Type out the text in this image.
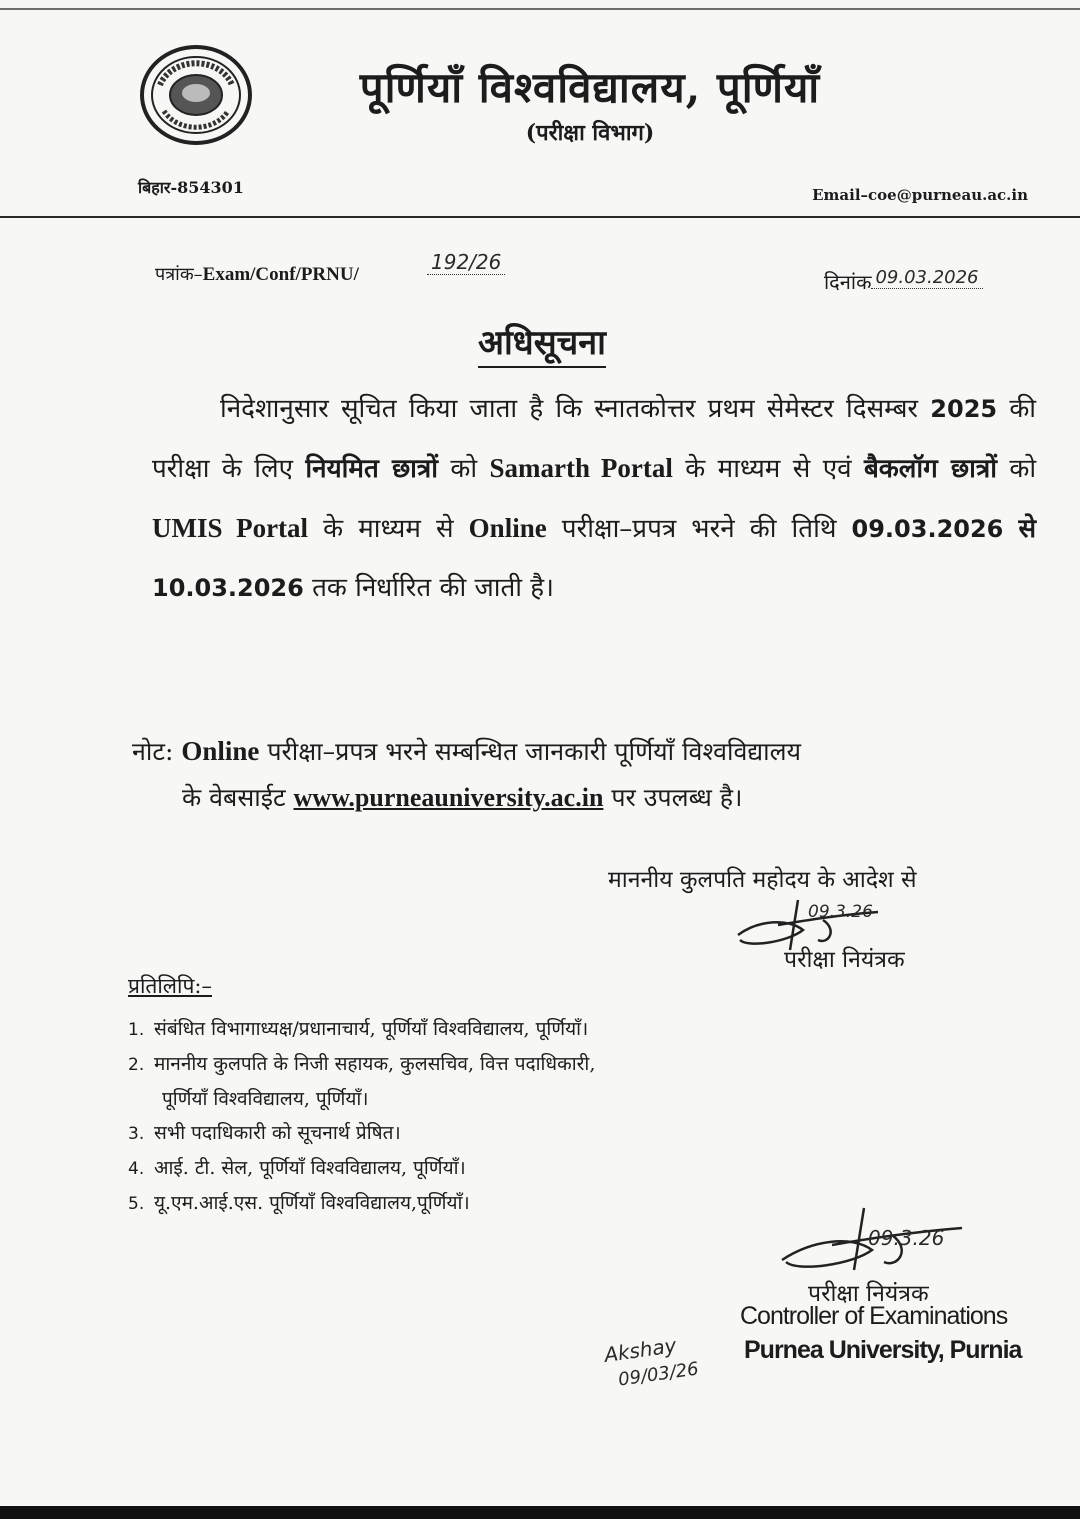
पूर्णियाँ विश्वविद्यालय, पूर्णियाँ
(परीक्षा विभाग)
बिहार-854301	Email–coe@purneau.ac.in
पत्रांक–Exam/Conf/PRNU/
192/26
दिनांक 09.03.2026
अधिसूचना
निदेशानुसार सूचित किया जाता है कि स्नातकोत्तर प्रथम सेमेस्टर दिसम्बर 2025 की परीक्षा के लिए नियमित छात्रों को Samarth Portal के माध्यम से एवं बैकलॉग छात्रों को UMIS Portal के माध्यम से Online परीक्षा–प्रपत्र भरने की तिथि 09.03.2026 से 10.03.2026 तक निर्धारित की जाती है।
नोट: Online परीक्षा–प्रपत्र भरने सम्बन्धित जानकारी पूर्णियाँ विश्वविद्यालय
के वेबसाईट www.purneauniversity.ac.in पर उपलब्ध है।
माननीय कुलपति महोदय के आदेश से
09.3.26
परीक्षा नियंत्रक
प्रतिलिपि:–
1. संबंधित विभागाध्यक्ष/प्रधानाचार्य, पूर्णियाँ विश्वविद्यालय, पूर्णियाँ।
2. माननीय कुलपति के निजी सहायक, कुलसचिव, वित्त पदाधिकारी,
पूर्णियाँ विश्वविद्यालय, पूर्णियाँ।
3. सभी पदाधिकारी को सूचनार्थ प्रेषित।
4. आई. टी. सेल, पूर्णियाँ विश्वविद्यालय, पूर्णियाँ।
5. यू.एम.आई.एस. पूर्णियाँ विश्वविद्यालय,पूर्णियाँ।
09.3.26
परीक्षा नियंत्रक
Controller of Examinations
Purnea University, Purnia
Akshay
09/03/26
